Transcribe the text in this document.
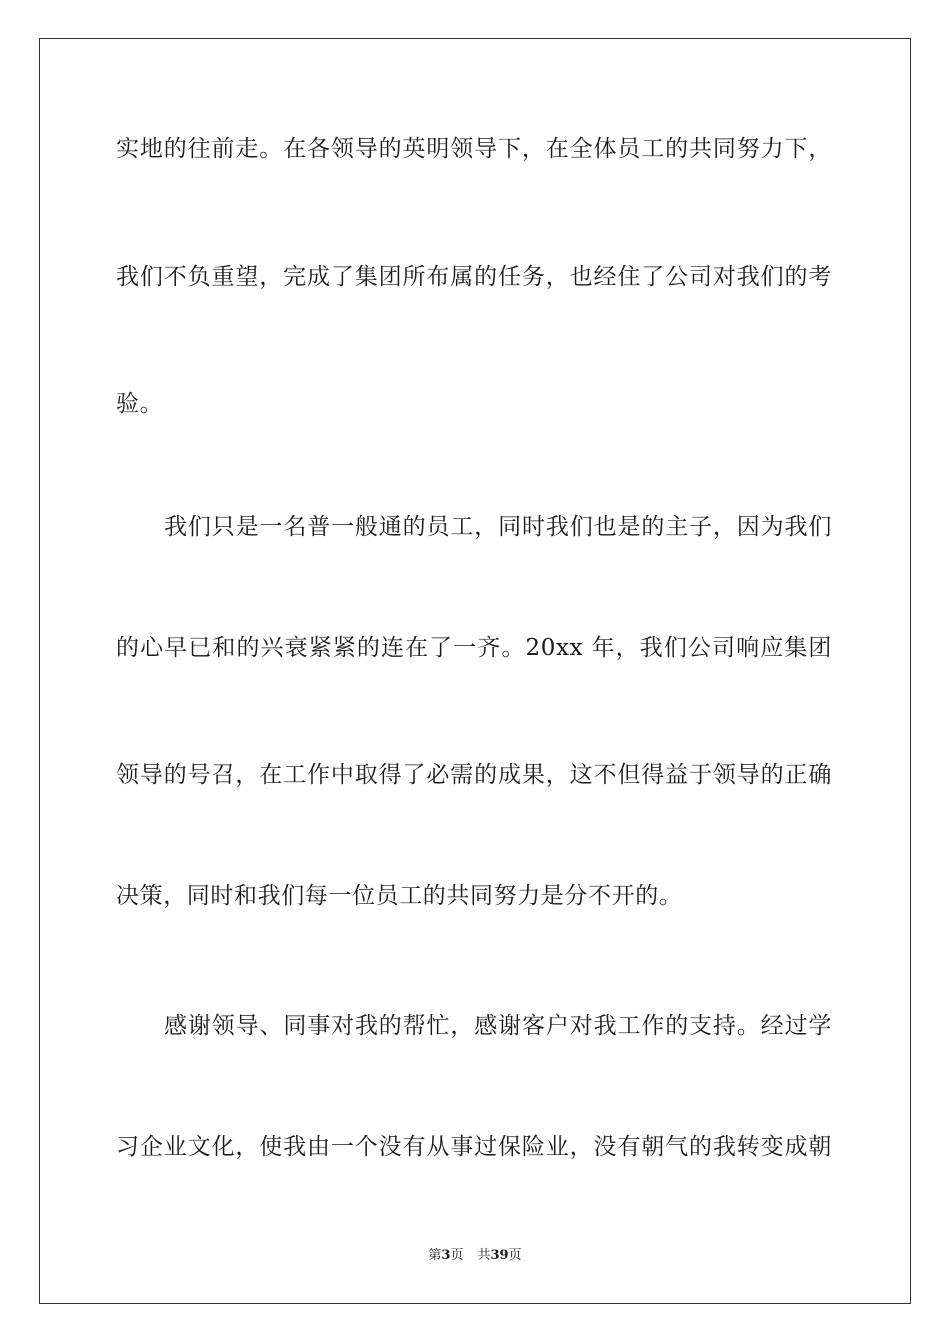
实地的往前走。在各领导的英明领导下，在全体员工的共同努力下，
我们不负重望，完成了集团所布属的任务，也经住了公司对我们的考
验。
我们只是一名普一般通的员工，同时我们也是的主子，因为我们
的心早已和的兴衰紧紧的连在了一齐。20xx 年，我们公司响应集团
领导的号召，在工作中取得了必需的成果，这不但得益于领导的正确
决策，同时和我们每一位员工的共同努力是分不开的。
感谢领导、同事对我的帮忙，感谢客户对我工作的支持。经过学
习企业文化，使我由一个没有从事过保险业，没有朝气的我转变成朝
第3页 共39页
